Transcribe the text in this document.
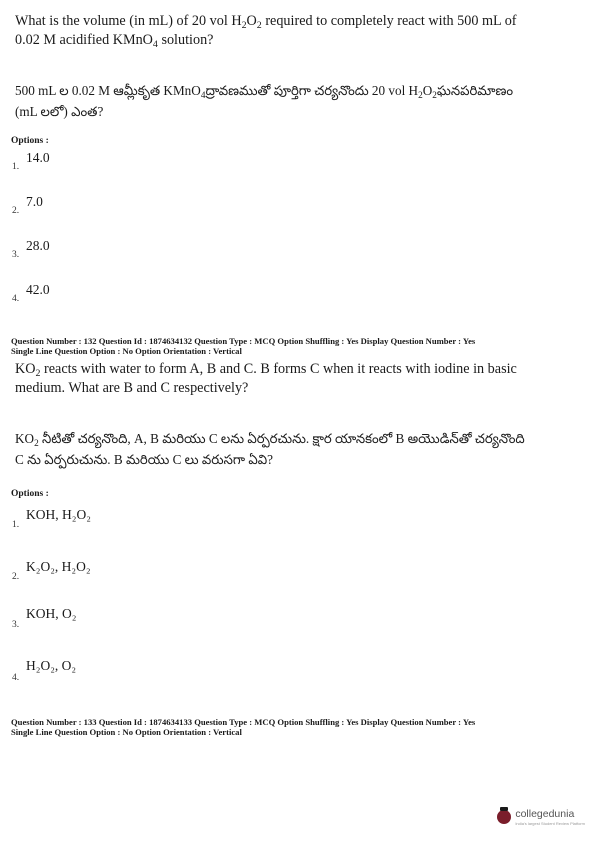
What is the volume (in mL) of 20 vol $H_2O_2$ required to completely react with 500 mL of
0.02 M acidified KMnO$_4$ solution?
500 mL ల 0.02 M ఆమ్లీకృత KMnO$_4$ద్రావణముతో పూర్తిగా చర్యనొందు 20 vol $H_2O_2ఘనపరిమాణం$
(mL లలో) ఎంత?
Options :
1.
14.0
2.
7.0
3.
28.0
4.
42.0
Question Number : 132 Question Id : 1874634132 Question Type : MCQ Option Shuffling : Yes Display Question Number : Yes
Single Line Question Option : No Option Orientation : Vertical
$KO_2$ reacts with water to form A, B and C. B forms C when it reacts with iodine in basic
medium. What are B and C respectively?
$KO_2$ నీటితో చర్యనొంది, A, B మరియు C లను ఏర్పరచును. క్షార యానకంలో B అయొడిన్‌తో చర్యనొంది
C ను ఏర్పరుచును. B మరియు C లు వరుసగా ఏవి?
Options :
1.
KOH, H₂O₂
2.
K₂O₂, H₂O₂
3.
KOH, O₂
4.
H₂O₂, O₂
Question Number : 133 Question Id : 1874634133 Question Type : MCQ Option Shuffling : Yes Display Question Number : Yes
Single Line Question Option : No Option Orientation : Vertical
collegedunia
India's largest Student Review Platform
